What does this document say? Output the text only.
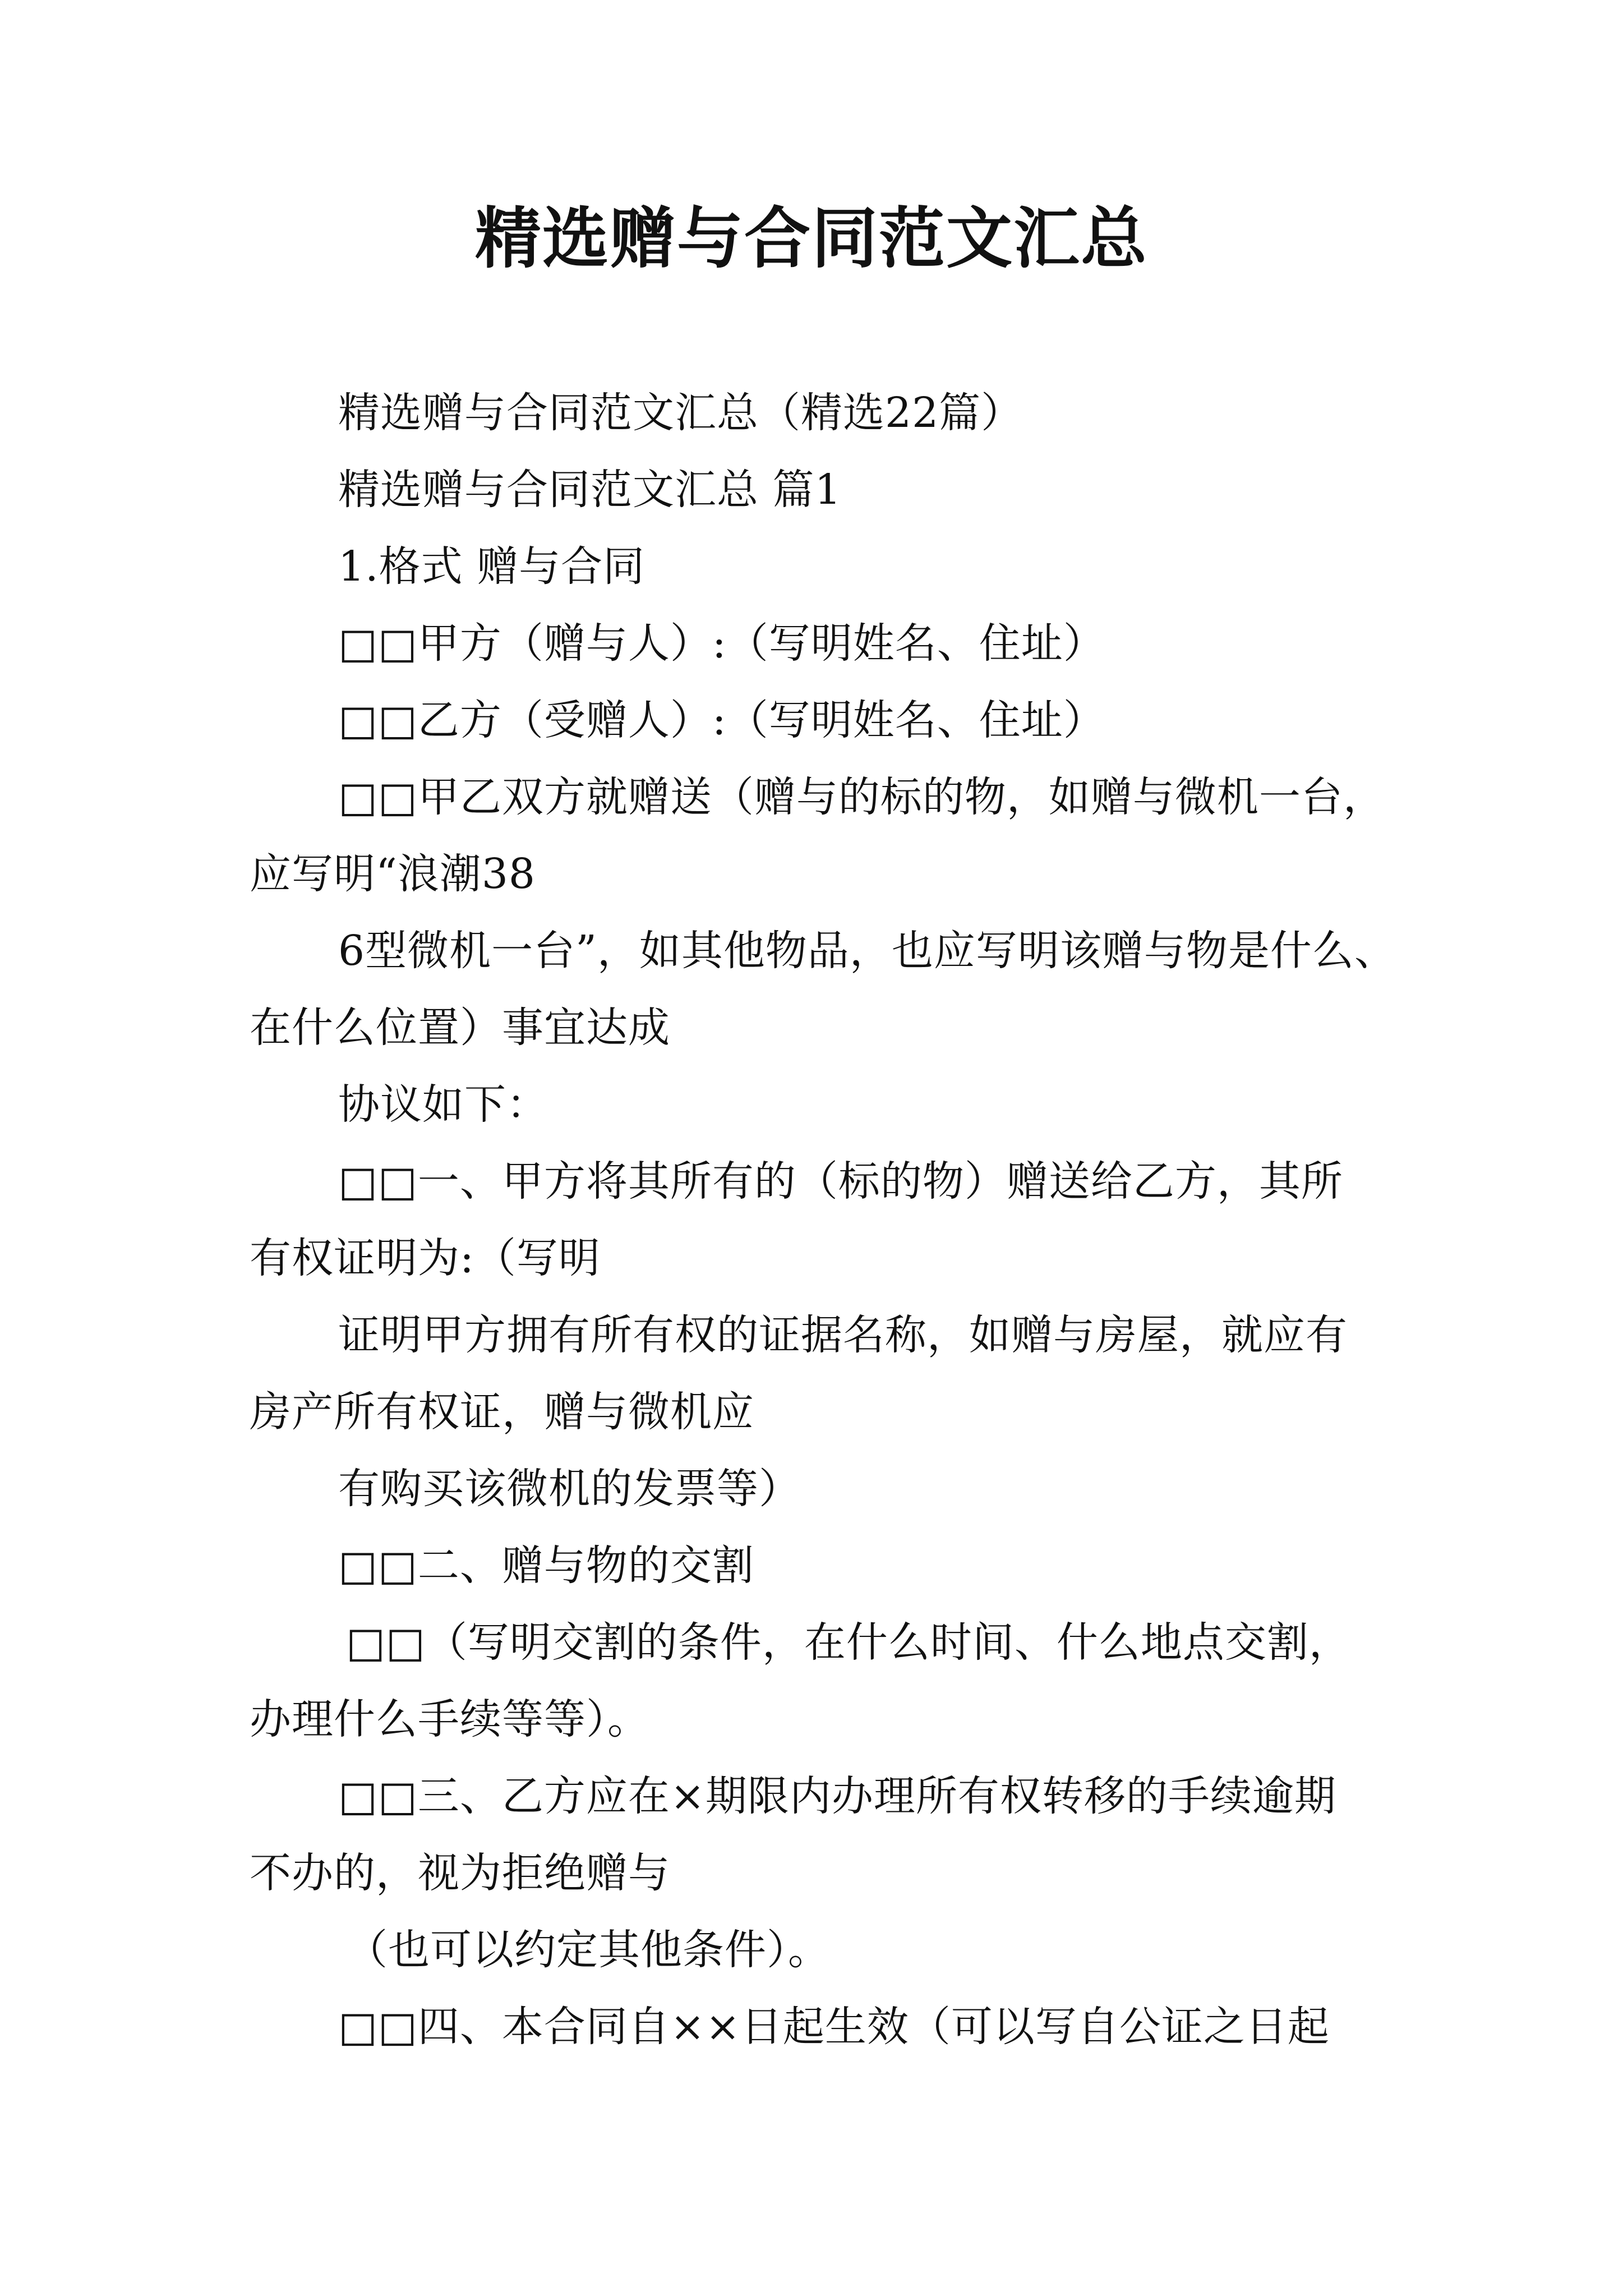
精选赠与合同范文汇总

精选赠与合同范文汇总（精选22篇）

精选赠与合同范文汇总 篇1

1.格式 赠与合同

□□甲方（赠与人）:（写明姓名、住址）

□□乙方（受赠人）:（写明姓名、住址）

□□甲乙双方就赠送（赠与的标的物，如赠与微机一台，

应写明“浪潮38

6型微机一台”，如其他物品，也应写明该赠与物是什么、

在什么位置）事宜达成

协议如下：

□□一、甲方将其所有的（标的物）赠送给乙方，其所

有权证明为:（写明

证明甲方拥有所有权的证据名称，如赠与房屋，就应有

房产所有权证，赠与微机应

有购买该微机的发票等）

□□二、赠与物的交割

□□（写明交割的条件，在什么时间、什么地点交割，

办理什么手续等等）。

□□三、乙方应在×期限内办理所有权转移的手续逾期

不办的，视为拒绝赠与

（也可以约定其他条件）。

□□四、本合同自××日起生效（可以写自公证之日起
